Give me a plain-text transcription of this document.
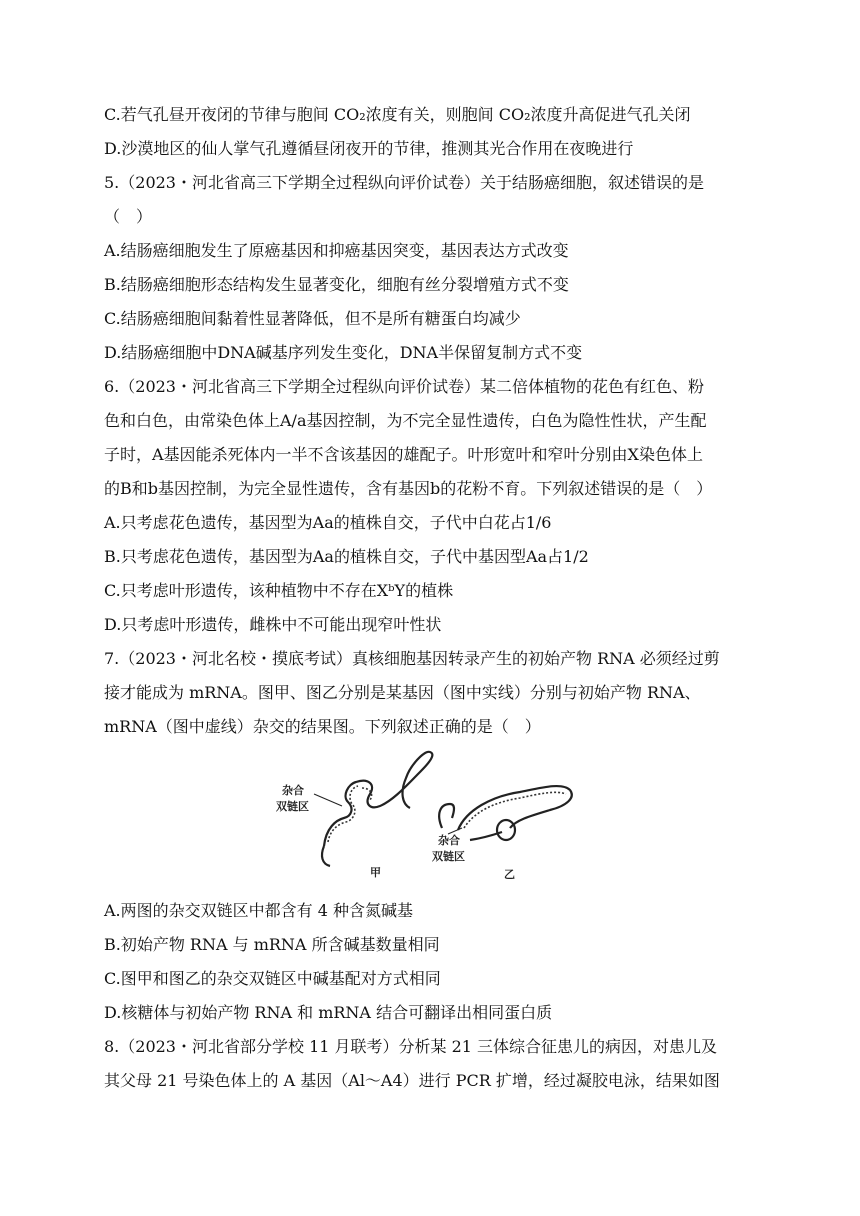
C.若气孔昼开夜闭的节律与胞间 CO₂浓度有关，则胞间 CO₂浓度升高促进气孔关闭
D.沙漠地区的仙人掌气孔遵循昼闭夜开的节律，推测其光合作用在夜晚进行
5.（2023・河北省高三下学期全过程纵向评价试卷）关于结肠癌细胞，叙述错误的是
（　）
A.结肠癌细胞发生了原癌基因和抑癌基因突变，基因表达方式改变
B.结肠癌细胞形态结构发生显著变化，细胞有丝分裂增殖方式不变
C.结肠癌细胞间黏着性显著降低，但不是所有糖蛋白均减少
D.结肠癌细胞中DNA碱基序列发生变化，DNA半保留复制方式不变
6.（2023・河北省高三下学期全过程纵向评价试卷）某二倍体植物的花色有红色、粉
色和白色，由常染色体上A/a基因控制，为不完全显性遗传，白色为隐性性状，产生配
子时，A基因能杀死体内一半不含该基因的雄配子。叶形宽叶和窄叶分别由X染色体上
的B和b基因控制，为完全显性遗传，含有基因b的花粉不育。下列叙述错误的是（　）
A.只考虑花色遗传，基因型为Aa的植株自交，子代中白花占1/6
B.只考虑花色遗传，基因型为Aa的植株自交，子代中基因型Aa占1/2
C.只考虑叶形遗传，该种植物中不存在XᵇY的植株
D.只考虑叶形遗传，雌株中不可能出现窄叶性状
7.（2023・河北名校・摸底考试）真核细胞基因转录产生的初始产物 RNA 必须经过剪
接才能成为 mRNA。图甲、图乙分别是某基因（图中实线）分别与初始产物 RNA、
mRNA（图中虚线）杂交的结果图。下列叙述正确的是（　）
杂合
双链区
甲
杂合
双链区
乙
A.两图的杂交双链区中都含有 4 种含氮碱基
B.初始产物 RNA 与 mRNA 所含碱基数量相同
C.图甲和图乙的杂交双链区中碱基配对方式相同
D.核糖体与初始产物 RNA 和 mRNA 结合可翻译出相同蛋白质
8.（2023・河北省部分学校 11 月联考）分析某 21 三体综合征患儿的病因，对患儿及
其父母 21 号染色体上的 A 基因（Al～A4）进行 PCR 扩增，经过凝胶电泳，结果如图
